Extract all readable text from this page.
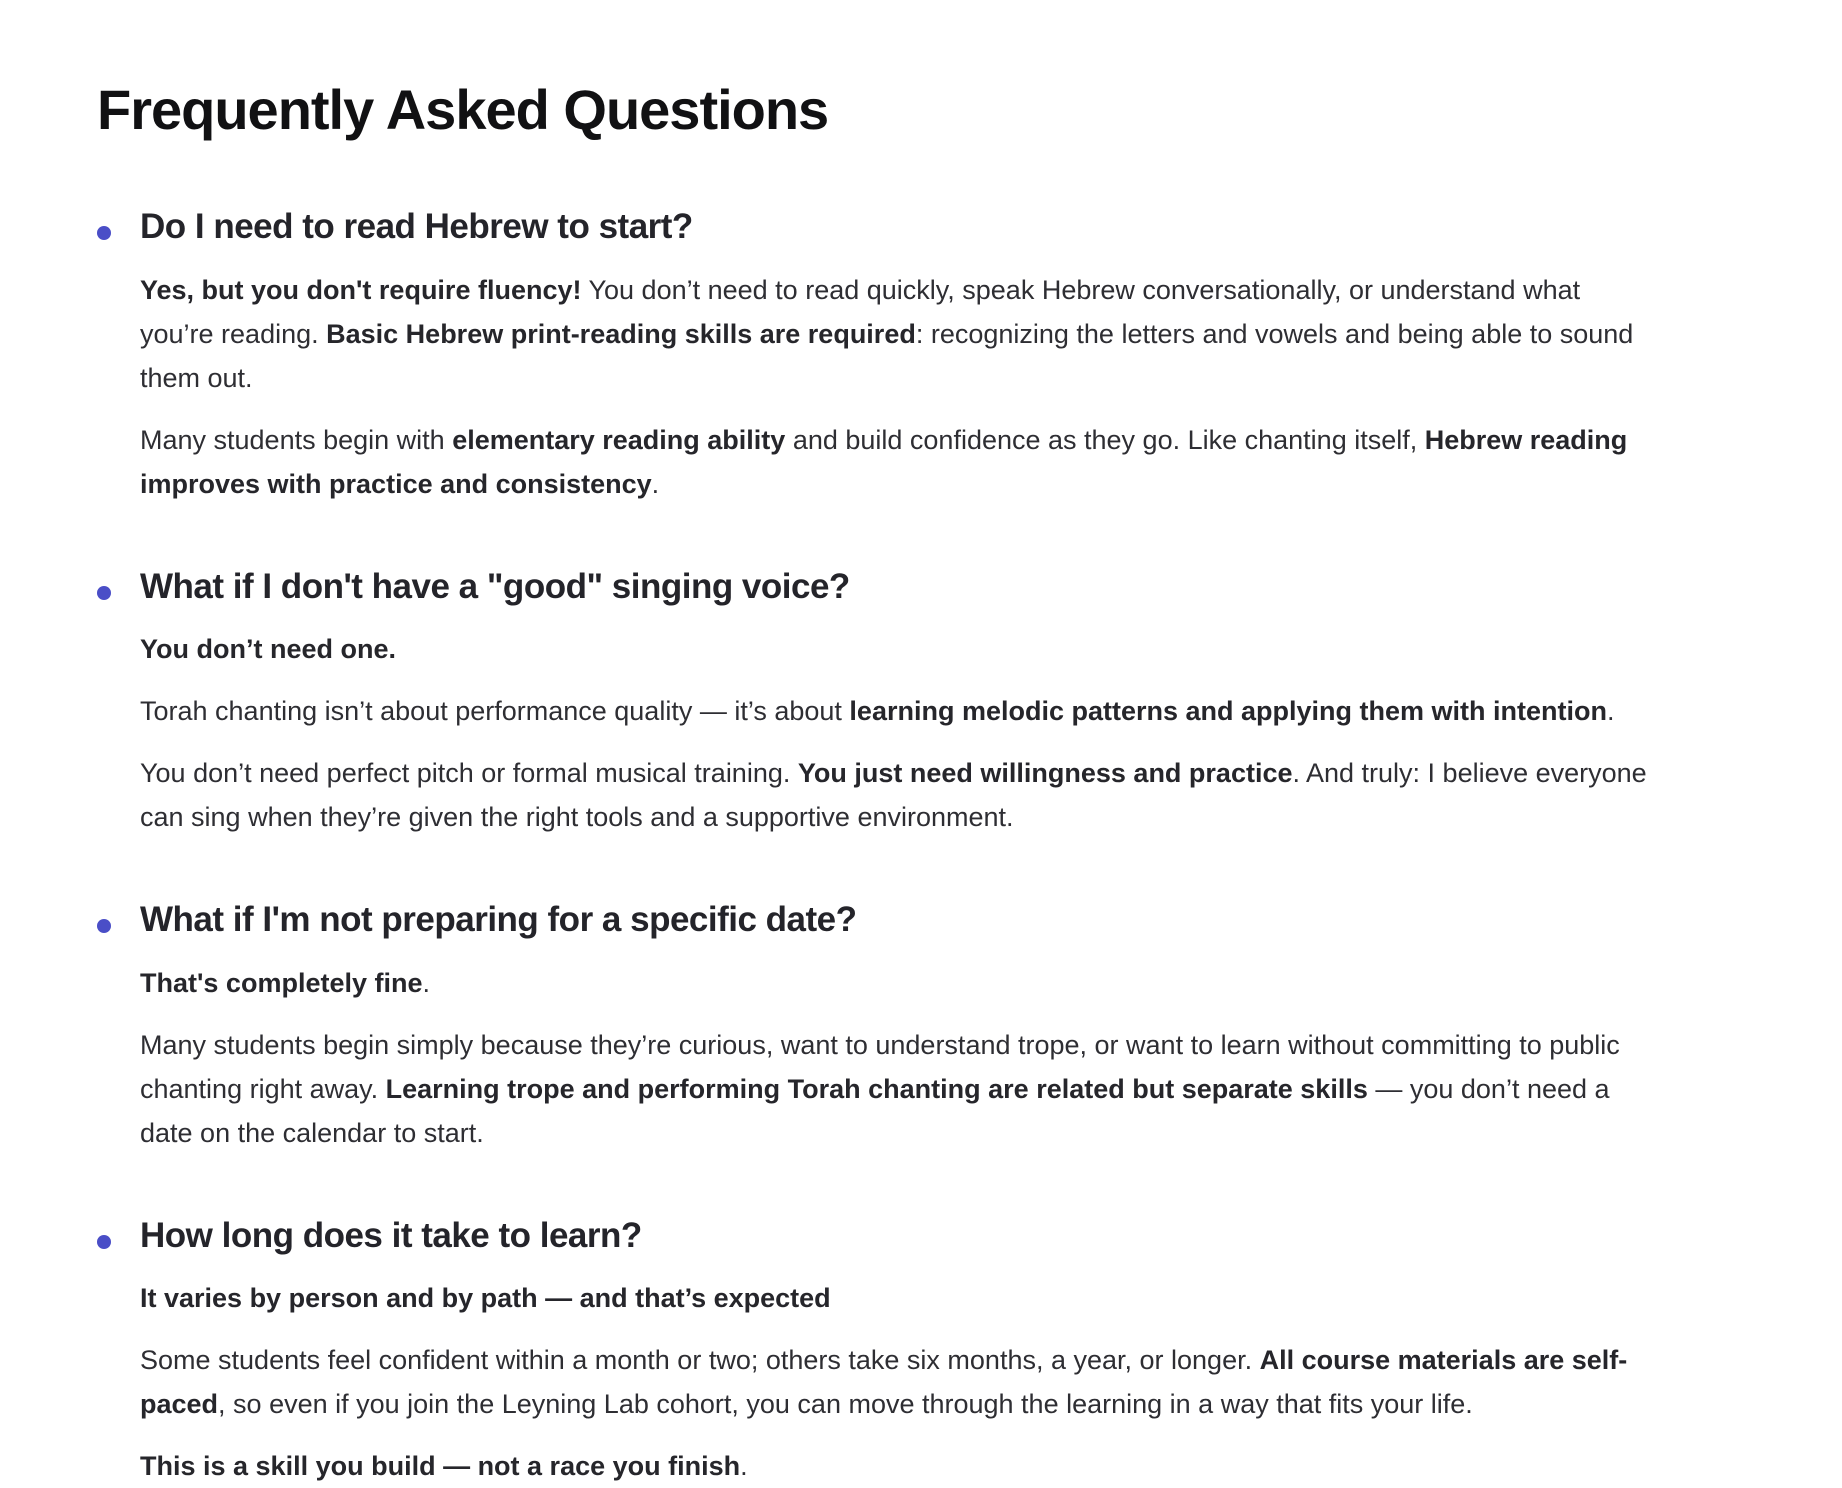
Frequently Asked Questions
Do I need to read Hebrew to start?

Yes, but you don't require fluency! You don’t need to read quickly, speak Hebrew conversationally, or understand what you’re reading. Basic Hebrew print-reading skills are required: recognizing the letters and vowels and being able to sound them out.

Many students begin with elementary reading ability and build confidence as they go. Like chanting itself, Hebrew reading improves with practice and consistency.

What if I don't have a "good" singing voice?

You don’t need one.

Torah chanting isn’t about performance quality — it’s about learning melodic patterns and applying them with intention.

You don’t need perfect pitch or formal musical training. You just need willingness and practice. And truly: I believe everyone can sing when they’re given the right tools and a supportive environment.

What if I'm not preparing for a specific date?

That's completely fine.

Many students begin simply because they’re curious, want to understand trope, or want to learn without committing to public chanting right away. Learning trope and performing Torah chanting are related but separate skills — you don’t need a date on the calendar to start.

How long does it take to learn?

It varies by person and by path — and that’s expected

Some students feel confident within a month or two; others take six months, a year, or longer. All course materials are self-paced, so even if you join the Leyning Lab cohort, you can move through the learning in a way that fits your life.

This is a skill you build — not a race you finish.
